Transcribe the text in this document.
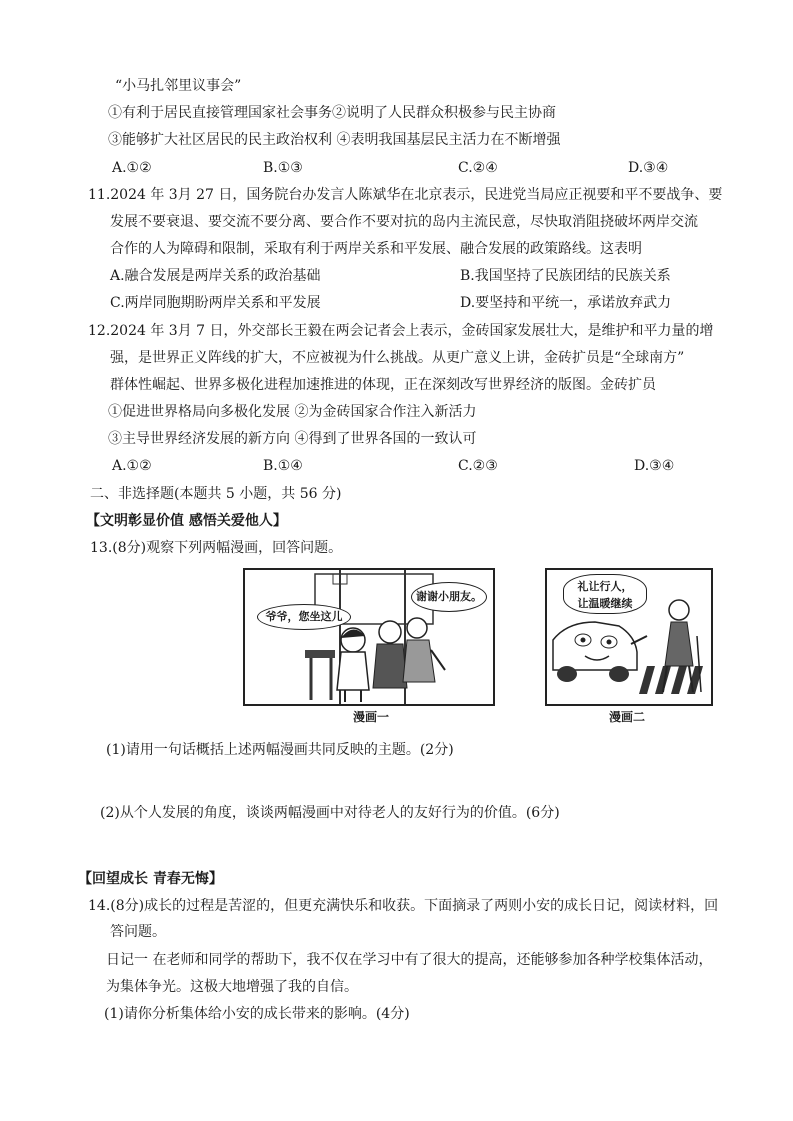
“小马扎邻里议事会”
①有利于居民直接管理国家社会事务②说明了人民群众积极参与民主协商
③能够扩大社区居民的民主政治权利 ④表明我国基层民主活力在不断增强
A.①②	B.①③	C.②④	D.③④
11.2024 年 3月 27 日，国务院台办发言人陈斌华在北京表示，民进党当局应正视要和平不要战争、要
发展不要衰退、要交流不要分离、要合作不要对抗的岛内主流民意，尽快取消阻挠破坏两岸交流
合作的人为障碍和限制，采取有利于两岸关系和平发展、融合发展的政策路线。这表明
A.融合发展是两岸关系的政治基础	B.我国坚持了民族团结的民族关系
C.两岸同胞期盼两岸关系和平发展	D.要坚持和平统一，承诺放弃武力
12.2024 年 3月 7 日，外交部长王毅在两会记者会上表示，金砖国家发展壮大，是维护和平力量的增
强，是世界正义阵线的扩大，不应被视为什么挑战。从更广意义上讲，金砖扩员是“全球南方”
群体性崛起、世界多极化进程加速推进的体现，正在深刻改写世界经济的版图。金砖扩员
①促进世界格局向多极化发展 ②为金砖国家合作注入新活力
③主导世界经济发展的新方向 ④得到了世界各国的一致认可
A.①②	B.①④	C.②③	D.③④
二、非选择题(本题共 5 小题，共 56 分)
【文明彰显价值 感悟关爱他人】
13.(8分)观察下列两幅漫画，回答问题。
爷爷，您坐这儿
谢谢小朋友。
漫画一
礼让行人，
让温暖继续
漫画二
(1)请用一句话概括上述两幅漫画共同反映的主题。(2分)
(2)从个人发展的角度，谈谈两幅漫画中对待老人的友好行为的价值。(6分)
【回望成长 青春无悔】
14.(8分)成长的过程是苦涩的，但更充满快乐和收获。下面摘录了两则小安的成长日记，阅读材料，回
答问题。
日记一 在老师和同学的帮助下，我不仅在学习中有了很大的提高，还能够参加各种学校集体活动，
为集体争光。这极大地增强了我的自信。
(1)请你分析集体给小安的成长带来的影响。(4分)
